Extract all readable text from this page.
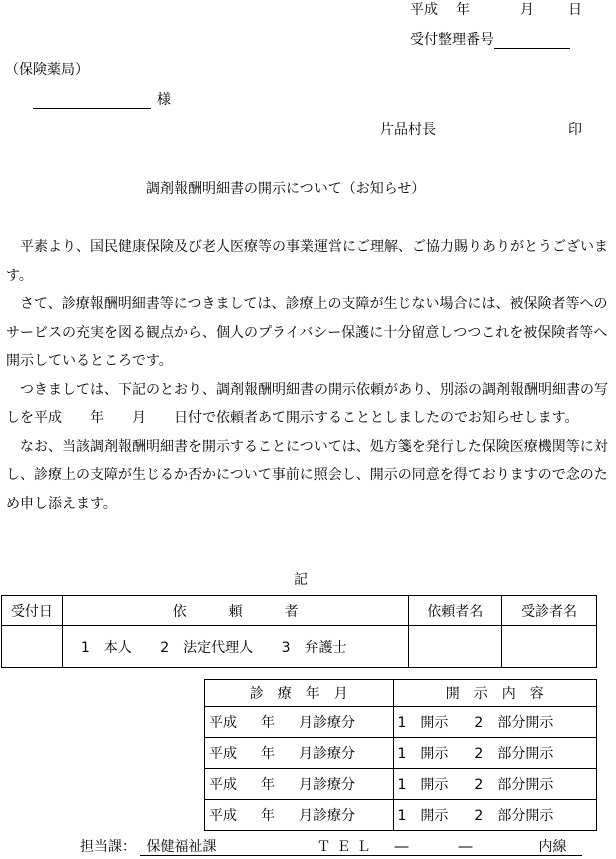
平成 年	月 日
受付整理番号
（保険薬局）
様
片品村長	印
調剤報酬明細書の開示について（お知らせ）

平素より、国民健康保険及び老人医療等の事業運営にご理解、ご協力賜りありがとうございます。

さて、診療報酬明細書等につきましては、診療上の支障が生じない場合には、被保険者等へのサービスの充実を図る観点から、個人のプライバシー保護に十分留意しつつこれを被保険者等へ開示しているところです。

つきましては、下記のとおり、調剤報酬明細書の開示依頼があり、別添の調剤報酬明細書の写しを平成　　年　　月　　日付で依頼者あて開示することとしましたのでお知らせします。

なお、当該調剤報酬明細書を開示することについては、処方箋を発行した保険医療機関等に対し、診療上の支障が生じるか否かについて事前に照会し、開示の同意を得ておりますので念のため申し添えます。

記
受付日	依　　　頼　　　者	依頼者名	受診者名
	1　本人 2　法定代理人 3　弁護士		
診　療　年　月	開　示　内　容
平成 年 月診療分	1　開示 2　部分開示
平成 年 月診療分	1　開示 2　部分開示
平成 年 月診療分	1　開示 2　部分開示
平成 年 月診療分	1　開示 2　部分開示
担当課： 保健福祉課	ＴＥＬ ―	―	内線
